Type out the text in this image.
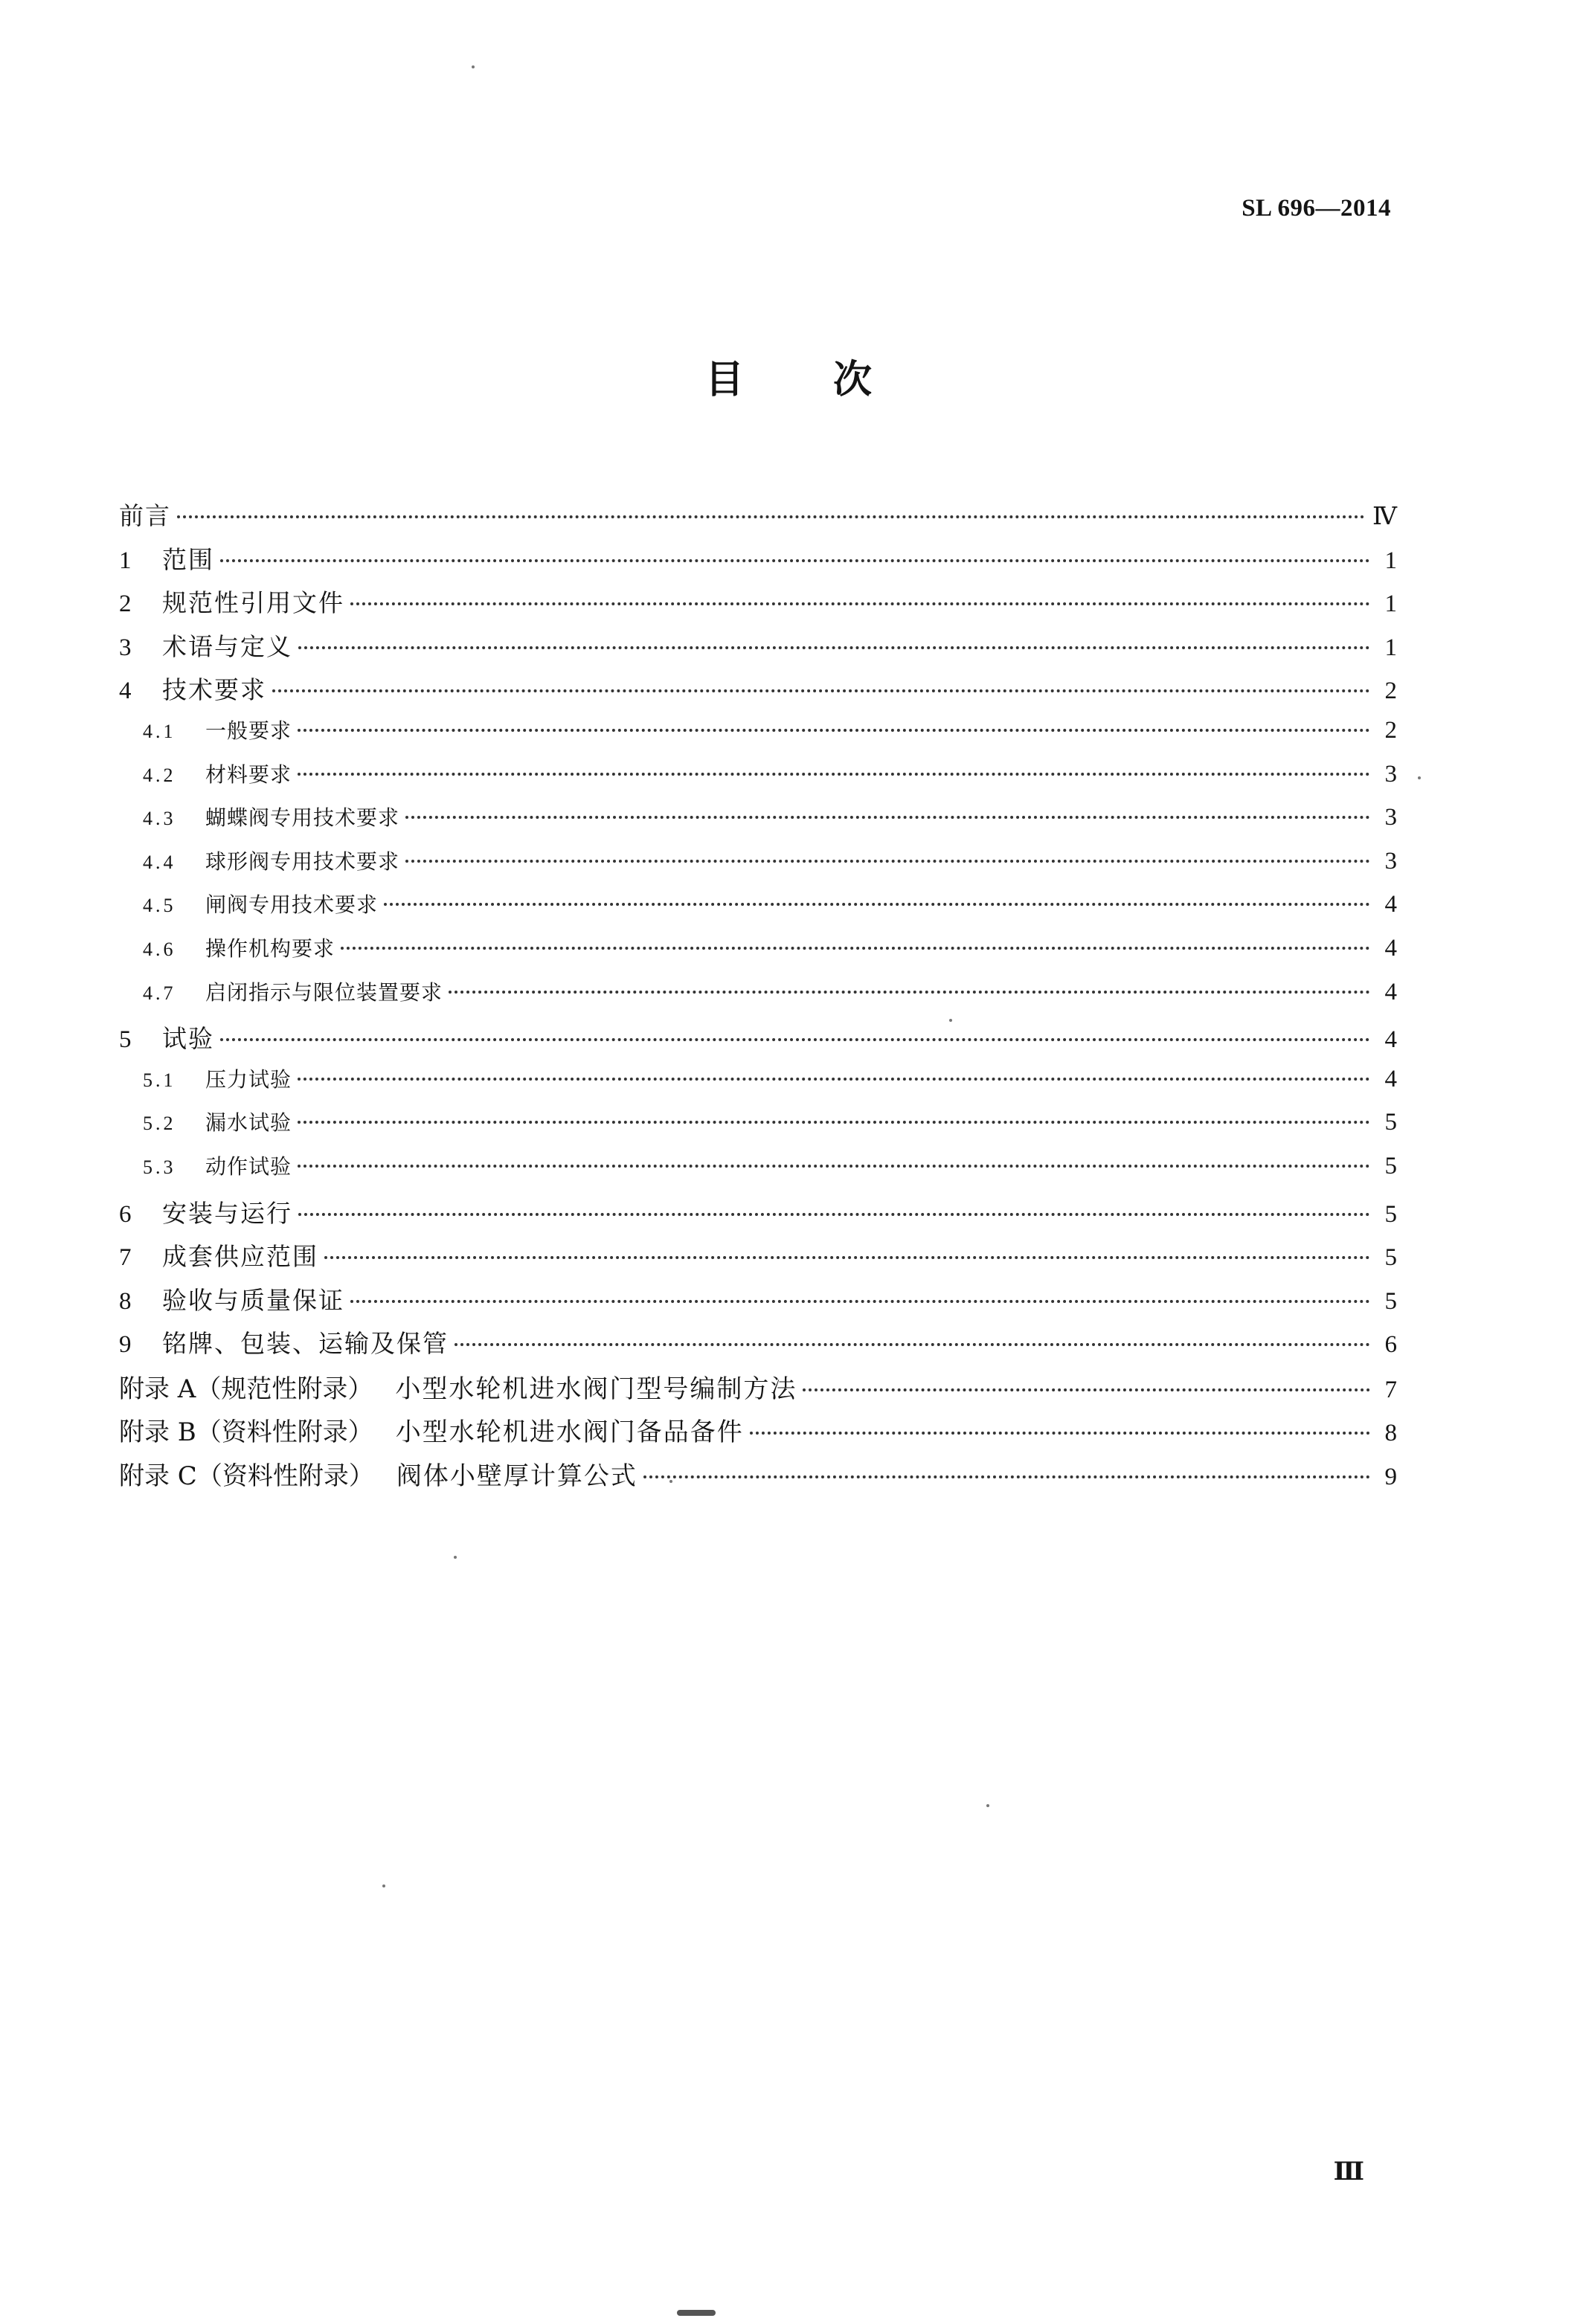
SL 696—2014
目 次
前言	Ⅳ
1	范围	1
2	规范性引用文件	1
3	术语与定义	1
4	技术要求	2
4.1	一般要求	2
4.2	材料要求	3
4.3	蝴蝶阀专用技术要求	3
4.4	球形阀专用技术要求	3
4.5	闸阀专用技术要求	4
4.6	操作机构要求	4
4.7	启闭指示与限位装置要求	4
5	试验	4
5.1	压力试验	4
5.2	漏水试验	5
5.3	动作试验	5
6	安装与运行	5
7	成套供应范围	5
8	验收与质量保证	5
9	铭牌、包装、运输及保管	6
附录 A（规范性附录） 小型水轮机进水阀门型号编制方法	7
附录 B（资料性附录） 小型水轮机进水阀门备品备件	8
附录 C（资料性附录） 阀体小壁厚计算公式	9
Ⅲ
